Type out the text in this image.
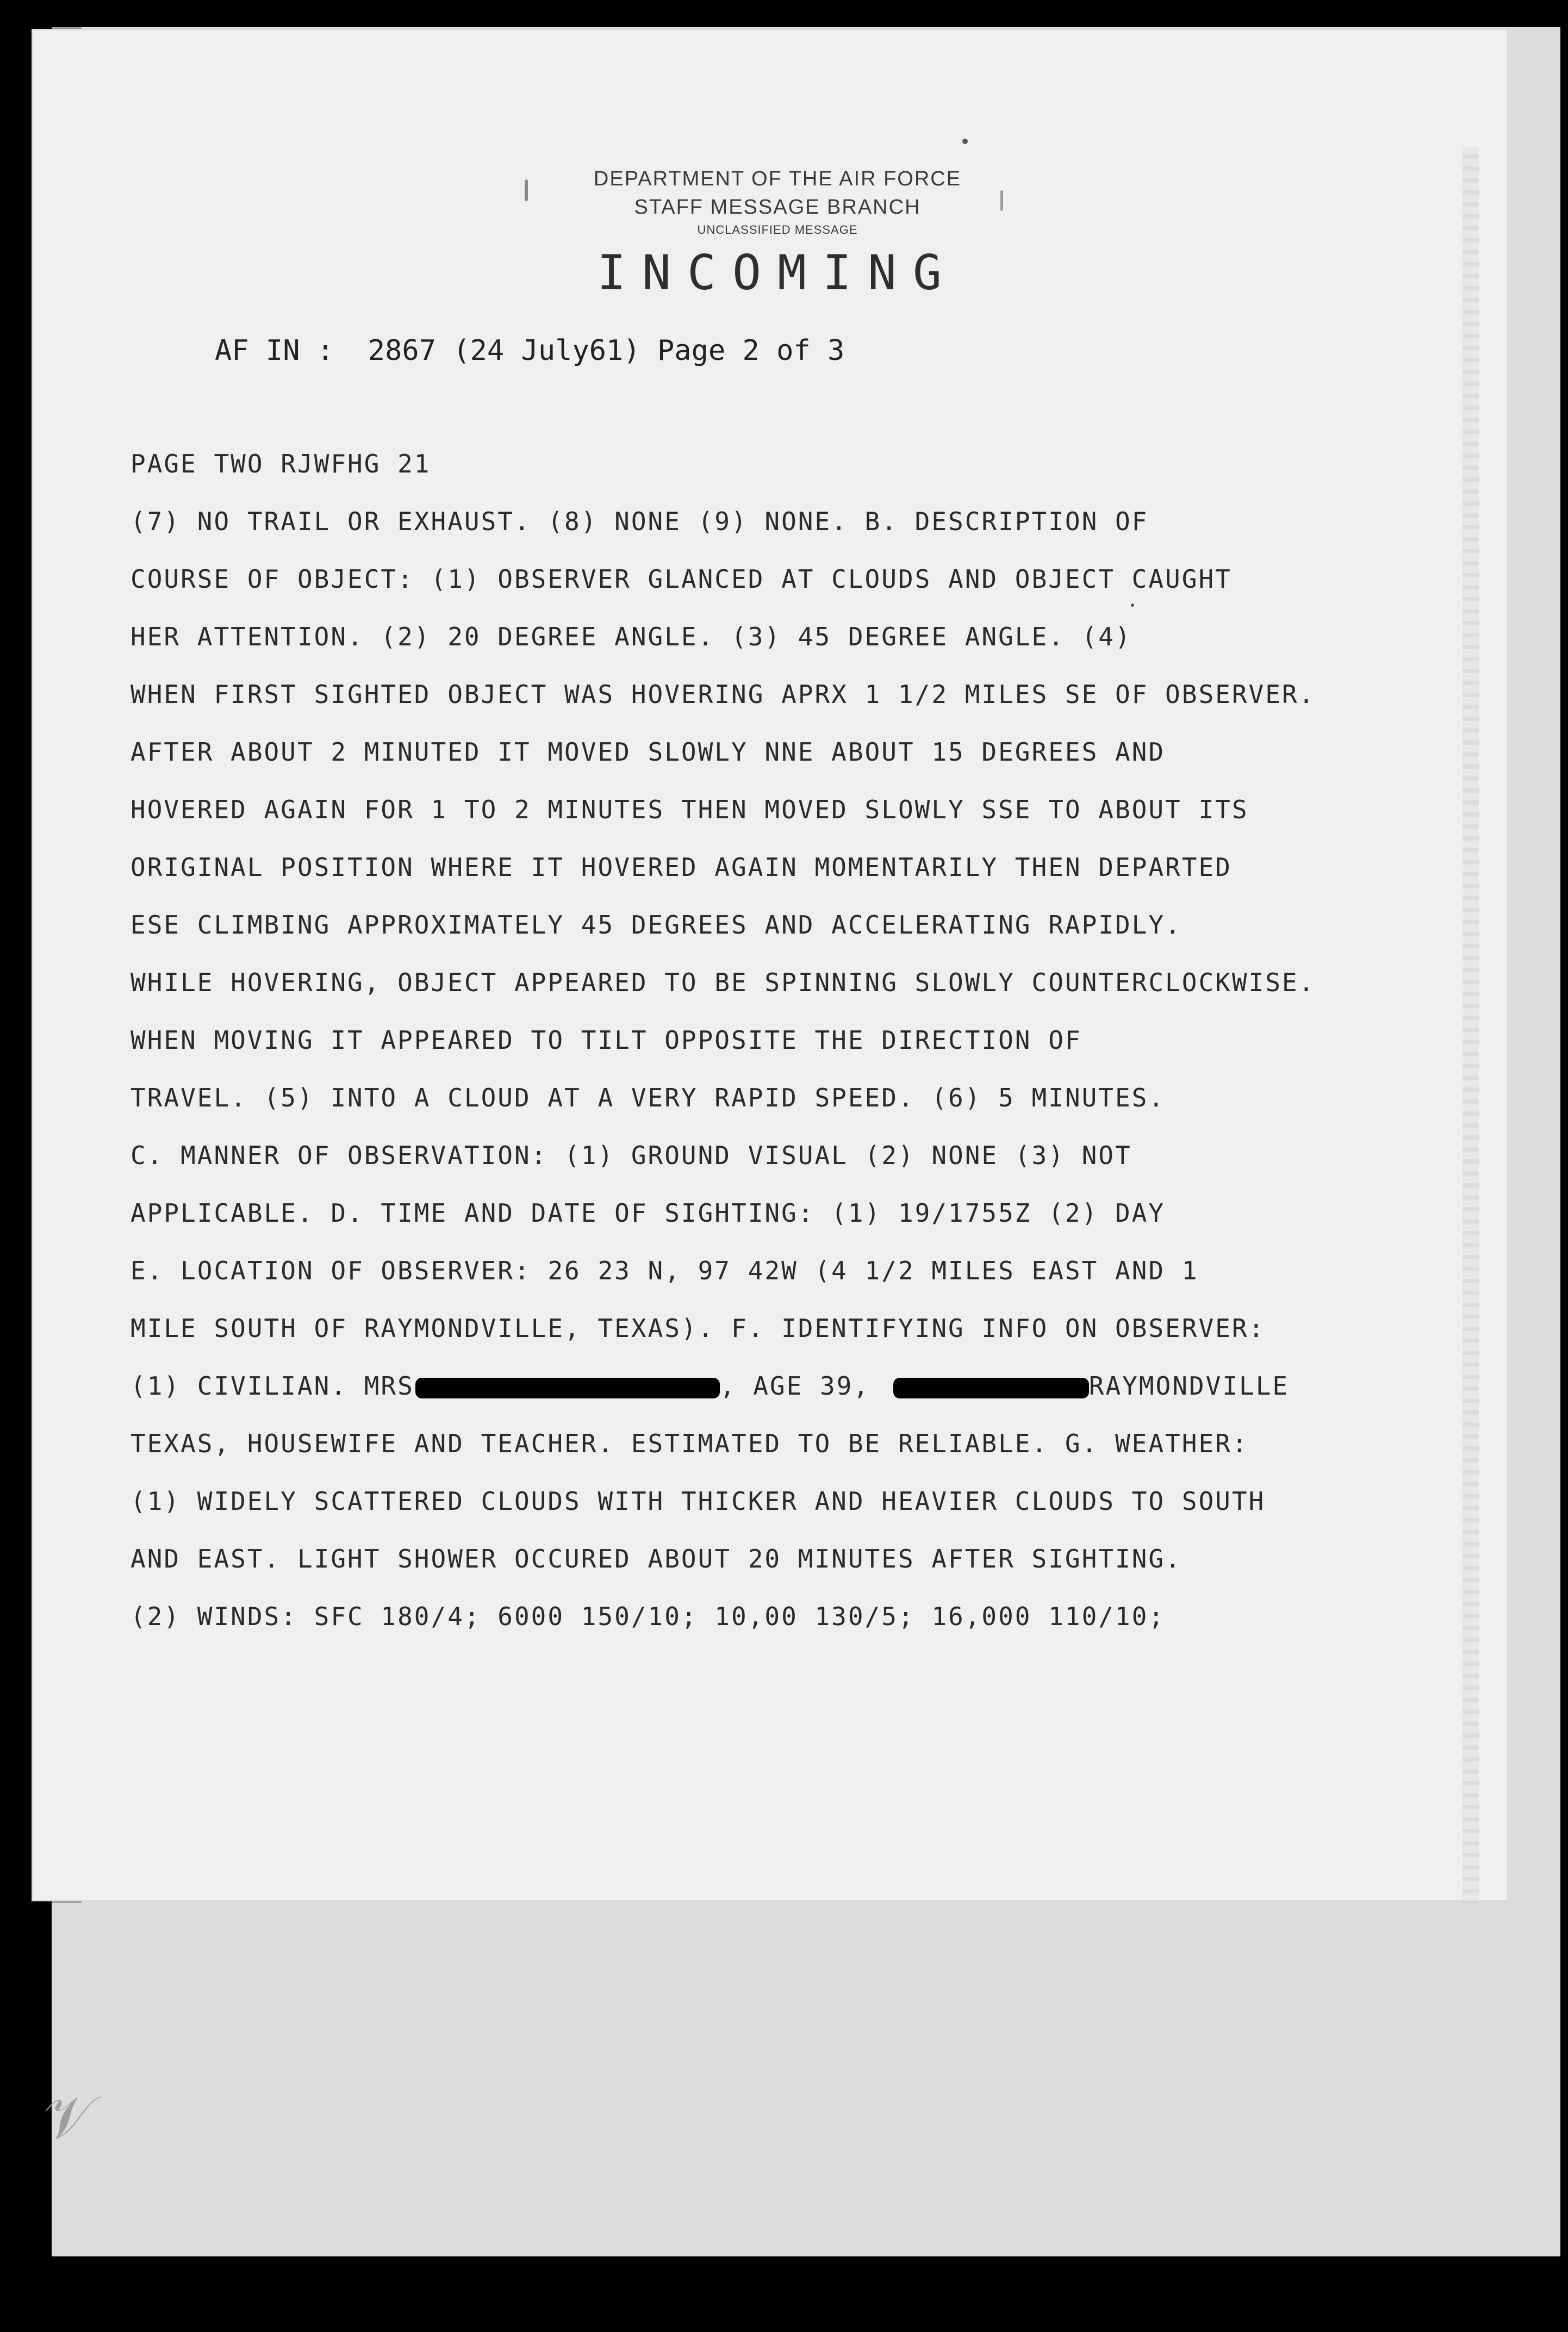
DEPARTMENT OF THE AIR FORCE
STAFF MESSAGE BRANCH
UNCLASSIFIED MESSAGE
INCOMING
AF IN :  2867 (24 July61) Page 2 of 3
PAGE TWO RJWFHG 21
(7) NO TRAIL OR EXHAUST. (8) NONE (9) NONE. B. DESCRIPTION OF
COURSE OF OBJECT: (1) OBSERVER GLANCED AT CLOUDS AND OBJECT CAUGHT
HER ATTENTION. (2) 20 DEGREE ANGLE. (3) 45 DEGREE ANGLE. (4)
WHEN FIRST SIGHTED OBJECT WAS HOVERING APRX 1 1/2 MILES SE OF OBSERVER.
AFTER ABOUT 2 MINUTED IT MOVED SLOWLY NNE ABOUT 15 DEGREES AND
HOVERED AGAIN FOR 1 TO 2 MINUTES THEN MOVED SLOWLY SSE TO ABOUT ITS
ORIGINAL POSITION WHERE IT HOVERED AGAIN MOMENTARILY THEN DEPARTED
ESE CLIMBING APPROXIMATELY 45 DEGREES AND ACCELERATING RAPIDLY.
WHILE HOVERING, OBJECT APPEARED TO BE SPINNING SLOWLY COUNTERCLOCKWISE.
WHEN MOVING IT APPEARED TO TILT OPPOSITE THE DIRECTION OF
TRAVEL. (5) INTO A CLOUD AT A VERY RAPID SPEED. (6) 5 MINUTES.
C. MANNER OF OBSERVATION: (1) GROUND VISUAL (2) NONE (3) NOT
APPLICABLE. D. TIME AND DATE OF SIGHTING: (1) 19/1755Z (2) DAY
E. LOCATION OF OBSERVER: 26 23 N, 97 42W (4 1/2 MILES EAST AND 1
MILE SOUTH OF RAYMONDVILLE, TEXAS). F. IDENTIFYING INFO ON OBSERVER:
(1) CIVILIAN. MRS	, AGE 39,	RAYMONDVILLE
TEXAS, HOUSEWIFE AND TEACHER. ESTIMATED TO BE RELIABLE. G. WEATHER:
(1) WIDELY SCATTERED CLOUDS WITH THICKER AND HEAVIER CLOUDS TO SOUTH
AND EAST. LIGHT SHOWER OCCURED ABOUT 20 MINUTES AFTER SIGHTING.
(2) WINDS: SFC 180/4; 6000 150/10; 10,00 130/5; 16,000 110/10;
𝒱
